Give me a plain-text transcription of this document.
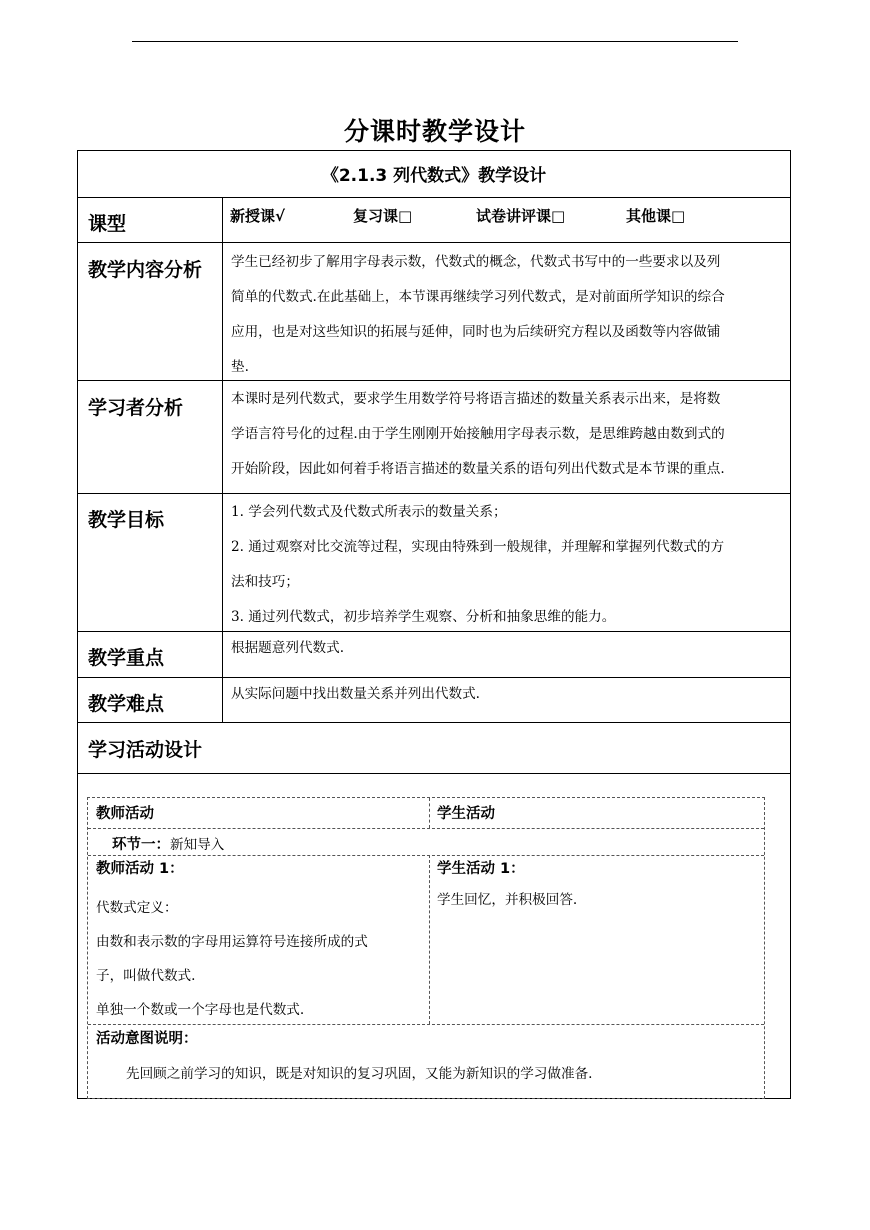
分课时教学设计
《2.1.3 列代数式》教学设计
课型	新授课√	复习课□	试卷讲评课□	其他课□
教学内容分析 学生已经初步了解用字母表示数，代数式的概念，代数式书写中的一些要求以及列

简单的代数式.在此基础上，本节课再继续学习列代数式，是对前面所学知识的综合

应用，也是对这些知识的拓展与延伸，同时也为后续研究方程以及函数等内容做铺

垫.

学习者分析	本课时是列代数式，要求学生用数学符号将语言描述的数量关系表示出来，是将数

学语言符号化的过程.由于学生刚刚开始接触用字母表示数，是思维跨越由数到式的

开始阶段，因此如何着手将语言描述的数量关系的语句列出代数式是本节课的重点.

教学目标	1. 学会列代数式及代数式所表示的数量关系；

2. 通过观察对比交流等过程，实现由特殊到一般规律，并理解和掌握列代数式的方

法和技巧；

3. 通过列代数式，初步培养学生观察、分析和抽象思维的能力。

教学重点	根据题意列代数式.
教学难点	从实际问题中找出数量关系并列出代数式.
学习活动设计
教师活动	学生活动
环节一：新知导入
教师活动 1：

代数式定义：

由数和表示数的字母用运算符号连接所成的式

子，叫做代数式.

单独一个数或一个字母也是代数式.

学生活动 1：
学生回忆，并积极回答.
活动意图说明：
先回顾之前学习的知识，既是对知识的复习巩固，又能为新知识的学习做准备.
